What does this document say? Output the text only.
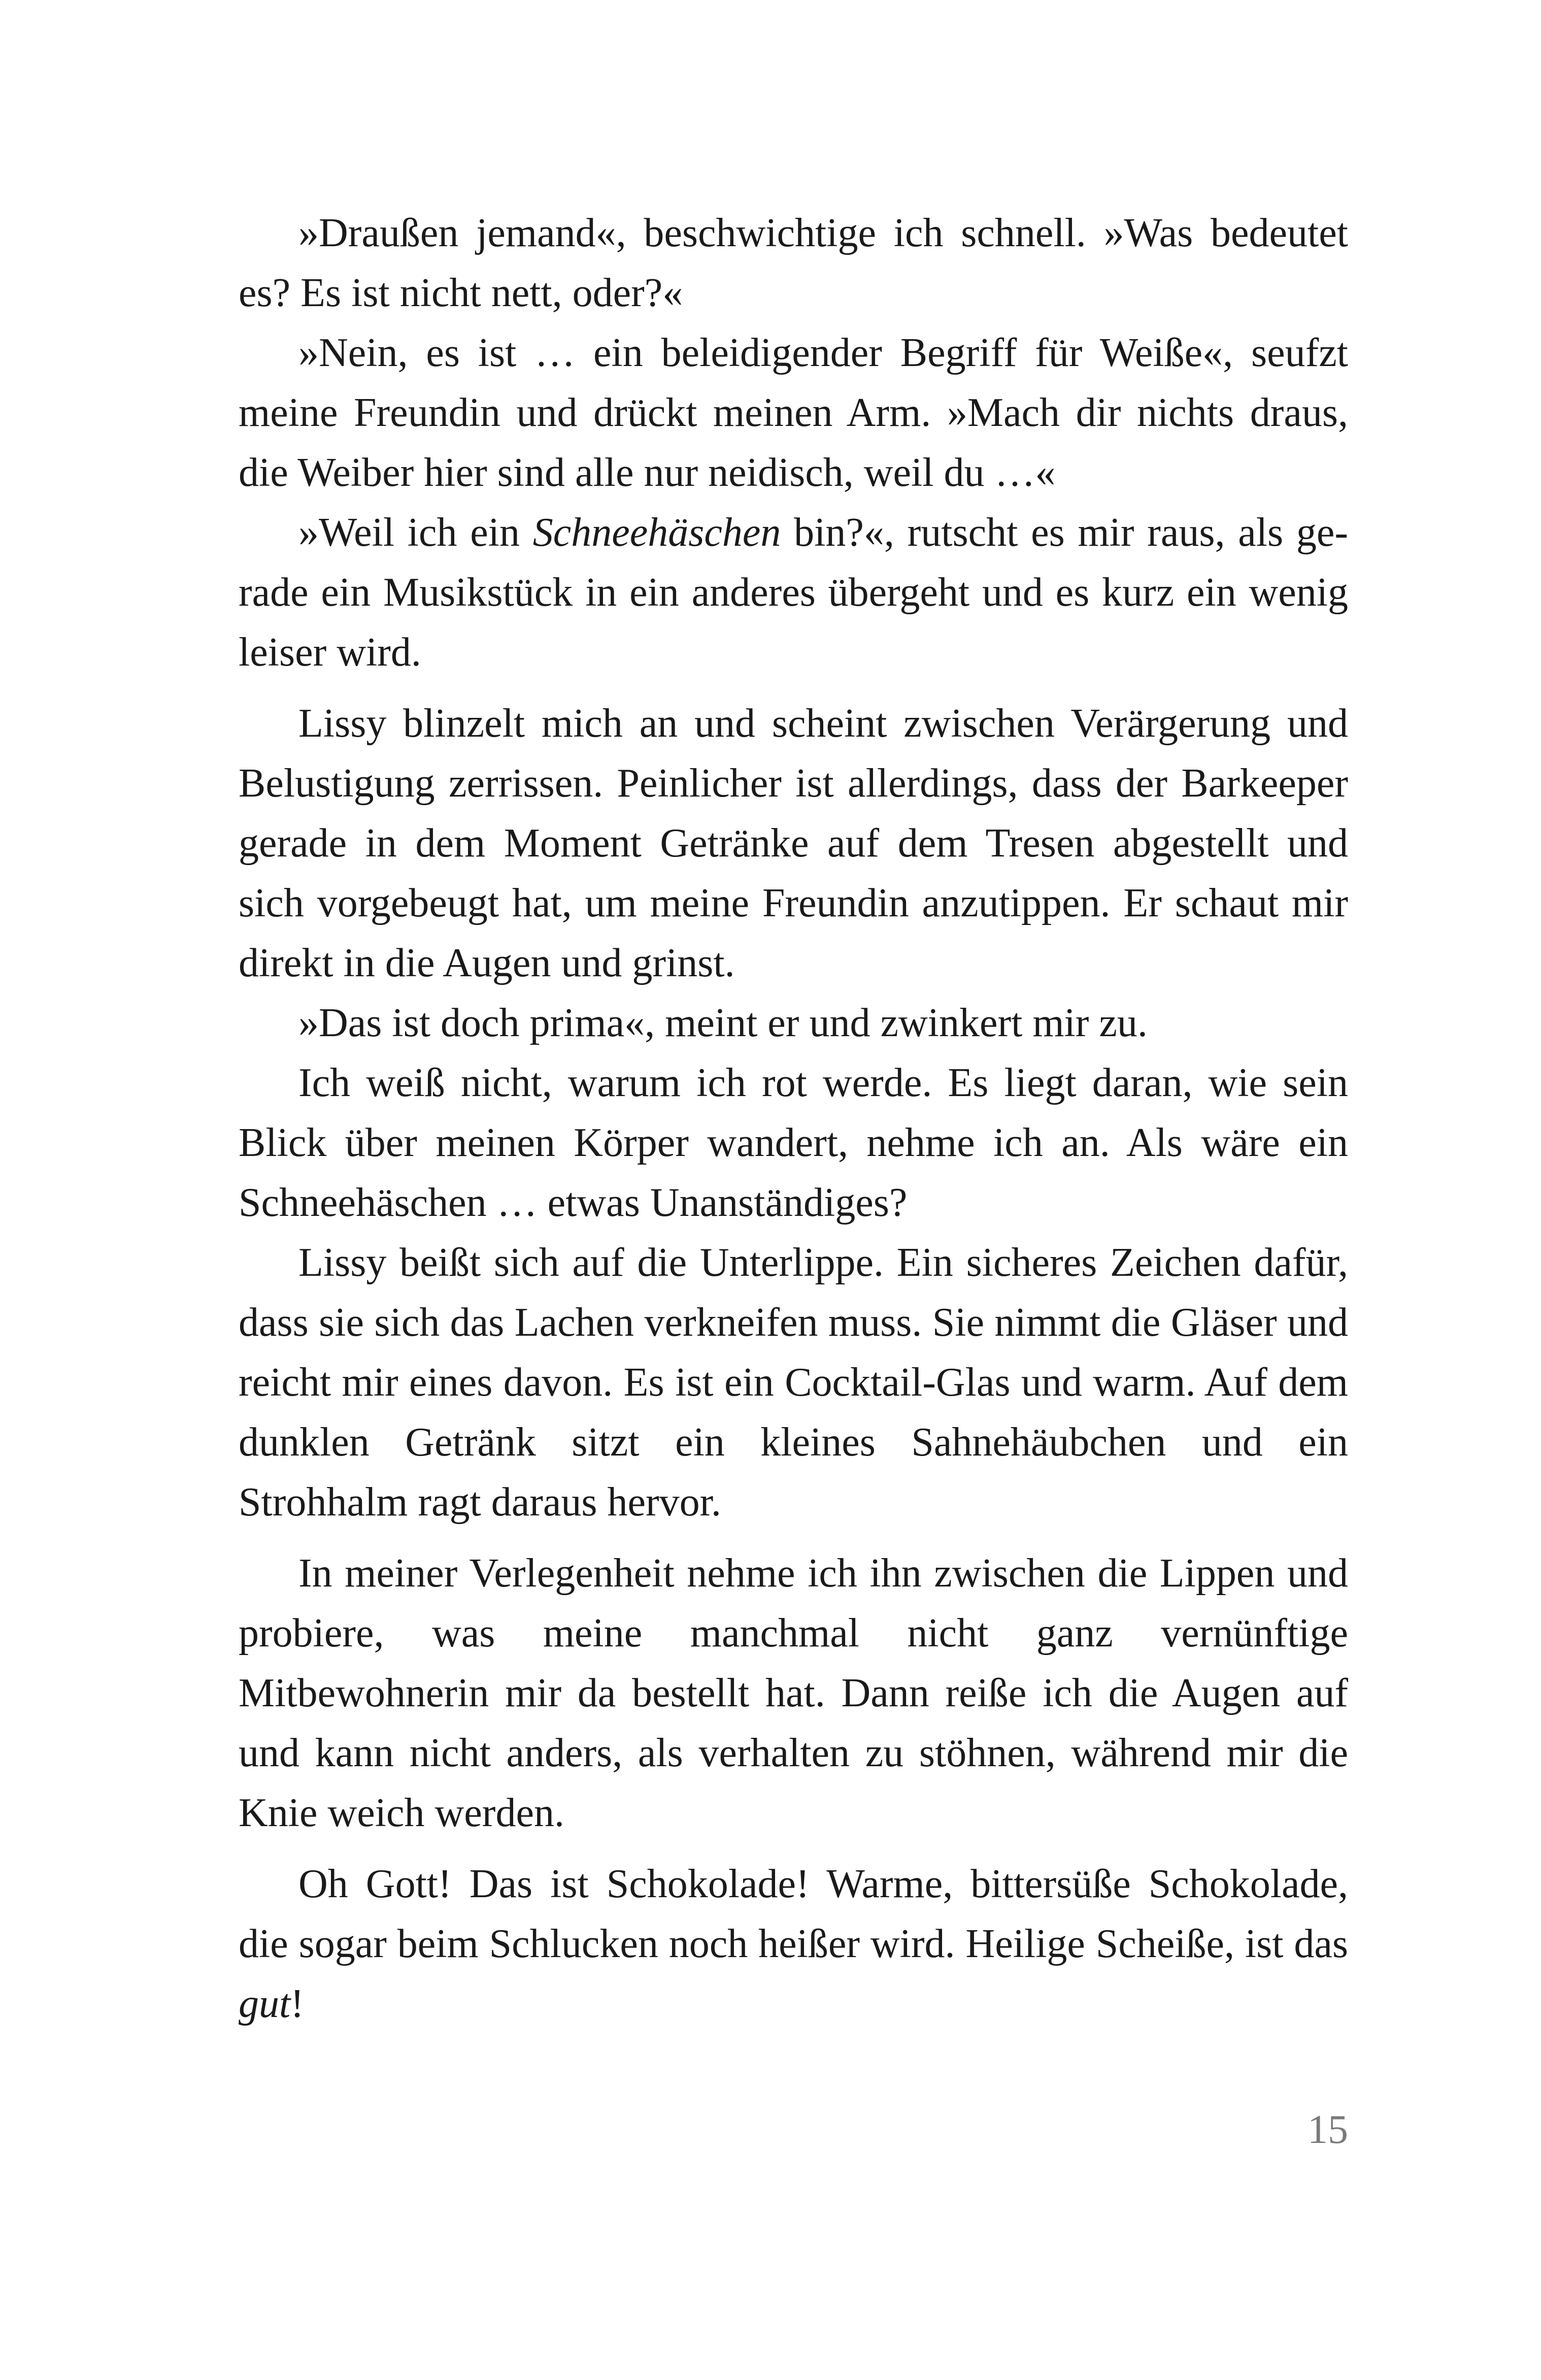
»Draußen jemand«, beschwichtige ich schnell. »Was bedeutet es? Es ist nicht nett, oder?«

»Nein, es ist … ein beleidigender Begriff für Weiße«, seufzt meine Freundin und drückt meinen Arm. »Mach dir nichts draus, die Weiber hier sind alle nur neidisch, weil du …«

»Weil ich ein Schneehäschen bin?«, rutscht es mir raus, als gerade ein Musikstück in ein anderes übergeht und es kurz ein wenig leiser wird.

Lissy blinzelt mich an und scheint zwischen Verärgerung und Belustigung zerrissen. Peinlicher ist allerdings, dass der Barkeeper gerade in dem Moment Getränke auf dem Tresen abgestellt und sich vorgebeugt hat, um meine Freundin anzutippen. Er schaut mir direkt in die Augen und grinst.

»Das ist doch prima«, meint er und zwinkert mir zu.

Ich weiß nicht, warum ich rot werde. Es liegt daran, wie sein Blick über meinen Körper wandert, nehme ich an. Als wäre ein Schneehäschen … etwas Unanständiges?

Lissy beißt sich auf die Unterlippe. Ein sicheres Zeichen dafür, dass sie sich das Lachen verkneifen muss. Sie nimmt die Gläser und reicht mir eines davon. Es ist ein Cocktail-Glas und warm. Auf dem dunklen Getränk sitzt ein kleines Sahnehäubchen und ein Strohhalm ragt daraus hervor.

In meiner Verlegenheit nehme ich ihn zwischen die Lippen und probiere, was meine manchmal nicht ganz vernünftige Mitbewohnerin mir da bestellt hat. Dann reiße ich die Augen auf und kann nicht anders, als verhalten zu stöhnen, während mir die Knie weich werden.

Oh Gott! Das ist Schokolade! Warme, bittersüße Schokolade, die sogar beim Schlucken noch heißer wird. Heilige Scheiße, ist das gut!

15
